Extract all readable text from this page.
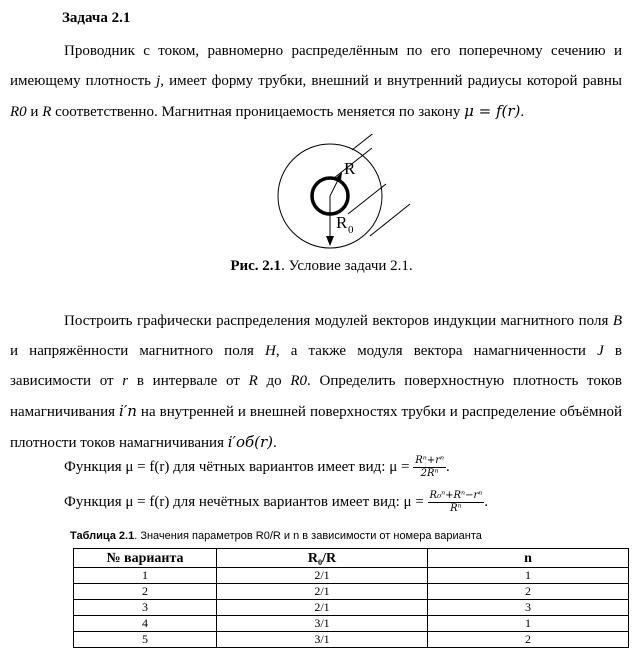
Задача 2.1

Проводник с током, равномерно распределённым по его поперечному сечению и имеющему плотность j, имеет форму трубки, внешний и внутренний радиусы которой равны R0 и R соответственно. Магнитная проницаемость меняется по закону μ = f(r).

R
R 0
Рис. 2.1. Условие задачи 2.1.

Построить графически распределения модулей векторов индукции магнитного поля B и напряжённости магнитного поля H, а также модуля вектора намагниченности J в зависимости от r в интервале от R до R0. Определить поверхностную плотность токов намагничивания i′п на внутренней и внешней поверхностях трубки и распределение объёмной плотности токов намагничивания i′об(r).

Функция μ = f(r) для чётных вариантов имеет вид: $\mu = \frac{\text{Rⁿ+rⁿ}}{\text{2Rⁿ}}$ .
Функция μ = f(r) для нечётных вариантов имеет вид: $\mu = \frac{\text{R₀ⁿ+Rⁿ−rⁿ}}{\text{Rⁿ}}$ .
Таблица 2.1. Значения параметров R0/R и n в зависимости от номера варианта
№ варианта	R₀/R	n
1	2/1	1
2	2/1	2
3	2/1	3
4	3/1	1
5	3/1	2
